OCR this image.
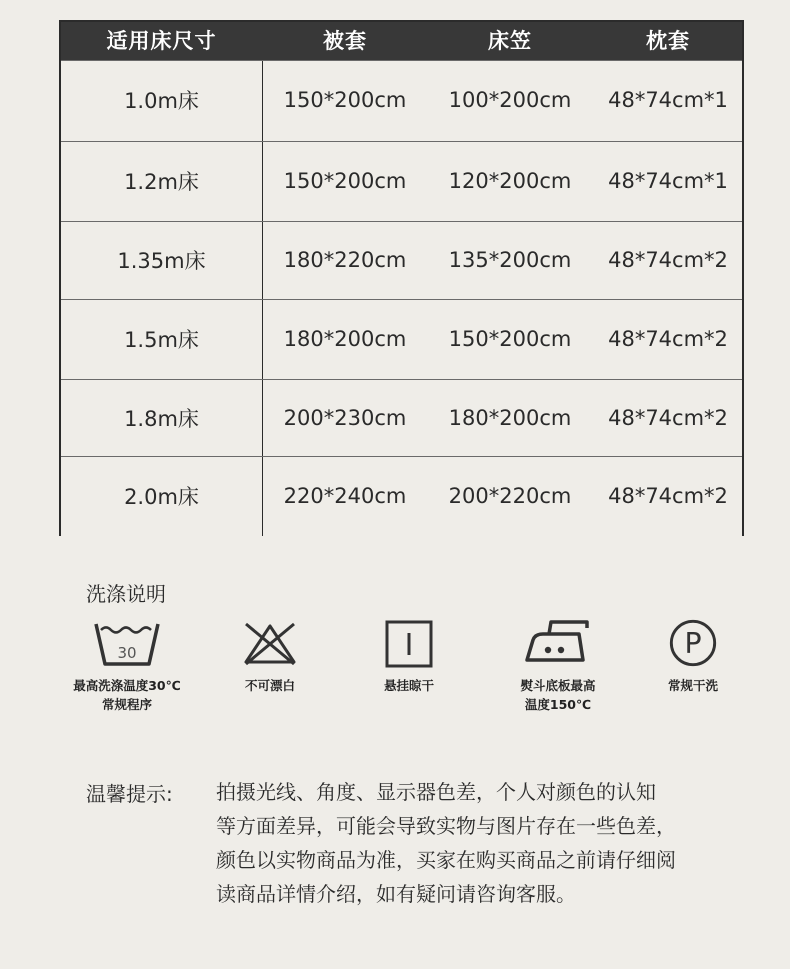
适用床尺寸	被套	床笠	枕套
1.0m床	150*200cm	100*200cm	48*74cm*1
1.2m床	150*200cm	120*200cm	48*74cm*1
1.35m床	180*220cm	135*200cm	48*74cm*2
1.5m床	180*200cm	150*200cm	48*74cm*2
1.8m床	200*230cm	180*200cm	48*74cm*2
2.0m床	220*240cm	200*220cm	48*74cm*2
洗涤说明
30
最高洗涤温度30℃
常规程序
不可漂白	悬挂晾干	熨斗底板最高
温度150℃
P
常规干洗
温馨提示: 拍摄光线、角度、显示器色差，个人对颜色的认知
等方面差异，可能会导致实物与图片存在一些色差，
颜色以实物商品为准，买家在购买商品之前请仔细阅
读商品详情介绍，如有疑问请咨询客服。
